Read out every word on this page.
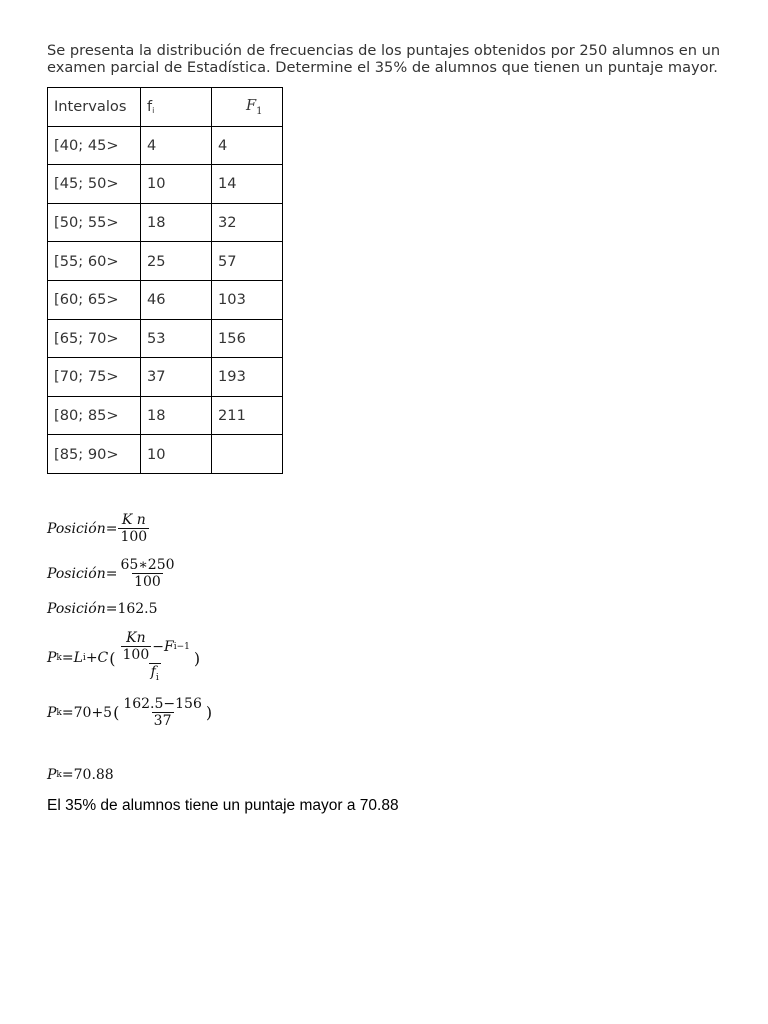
Se presenta la distribución de frecuencias de los puntajes obtenidos por 250 alumnos en un

examen parcial de Estadística. Determine el 35% de alumnos que tienen un puntaje mayor.

Intervalos	fi	$F_1$
[40; 45>	4	4
[45; 50>	10	14
[50; 55>	18	32
[55; 60>	25	57
[60; 65>	46	103
[65; 70>	53	156
[70; 75>	37	193
[80; 85>	18	211
[85; 90>	10	
Posición = $\frac{\text{K n}}{100}$
Posición = $\frac{65∗250}{100}$
Posición = 162.5
P k = L i +C ( $\frac{\frac{Kn}{100} -F i-1}{f_i}$ )
P k = 70+5 ( $\frac{162.5-156}{37}$ )
P k = 70.88
El 35% de alumnos tiene un puntaje mayor a 70.88
